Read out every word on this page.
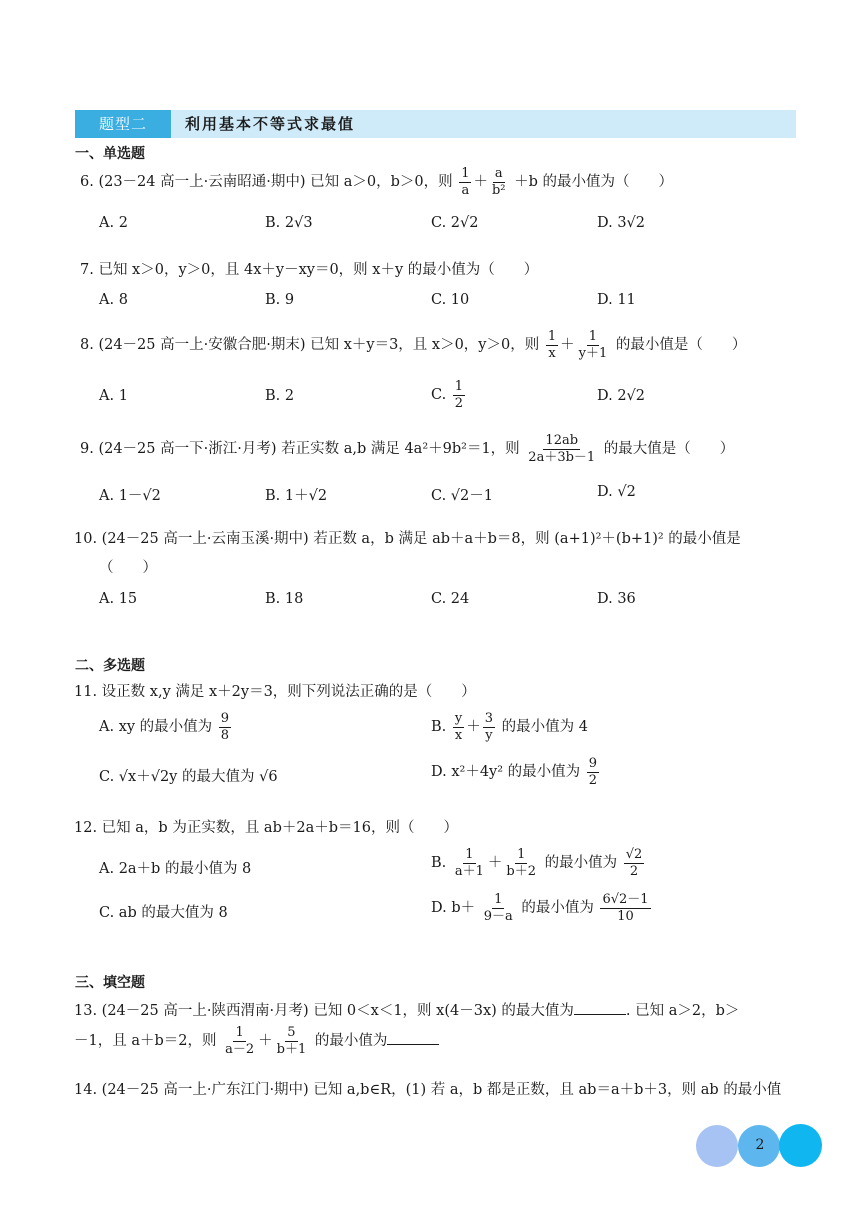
题型二	利用基本不等式求最值
一、单选题
6. (23－24 高一上·云南昭通·期中) 已知 a＞0，b＞0，则 $\frac{1}{a} + \frac{a}{\text{b²}} +b$ 的最小值为（　　）
A. 2	B. 2√3	C. 2√2	D. 3√2
7. 已知 x＞0，y＞0，且 4x＋y－xy＝0，则 x＋y 的最小值为（　　）
A. 8	B. 9	C. 10	D. 11
8. (24－25 高一上·安徽合肥·期末) 已知 x＋y＝3，且 x＞0，y＞0，则 $\frac{1}{x} + \frac{1}{y+1}$ 的最小值是（　　）
A. 1	B. 2	C. $\frac{1}{2}$	D. 2√2
9. (24－25 高一下·浙江·月考) 若正实数 a,b 满足 4a²＋9b²＝1，则 $\frac{12ab}{2a+3b-1}$ 的最大值是（　　）
A. 1－√2	B. 1＋√2	C. √2－1	D. √2
10. (24－25 高一上·云南玉溪·期中) 若正数 a，b 满足 ab＋a＋b＝8，则 (a+1)²＋(b+1)² 的最小值是
（　　）
A. 15	B. 18	C. 24	D. 36
二、多选题
11. 设正数 x,y 满足 x＋2y＝3，则下列说法正确的是（　　）
A. xy 的最小值为 $\frac{9}{8}$	B. $\frac{y}{x} + \frac{3}{y}$ 的最小值为 4
C. √x＋√2y 的最大值为 √6	D. x²＋4y² 的最小值为 $\frac{9}{2}$
12. 已知 a，b 为正实数，且 ab＋2a＋b＝16，则（　　）
A. 2a＋b 的最小值为 8	B. $\frac{1}{a+1} + \frac{1}{b+2}$ 的最小值为 $\frac{√2}{2}$
C. ab 的最大值为 8	D. $b+ \frac{1}{9-a}$ 的最小值为 $\frac{6√2-1}{10}$
三、填空题
13. (24－25 高一上·陕西渭南·月考) 已知 0＜x＜1，则 x(4－3x) 的最大值为	. 已知 a＞2，b＞
－1，且 a＋b＝2，则 $\frac{1}{a-2} + \frac{5}{b+1}$ 的最小值为
14. (24－25 高一上·广东江门·期中) 已知 a,b∈R，(1) 若 a，b 都是正数，且 ab＝a＋b＋3，则 ab 的最小值
2
